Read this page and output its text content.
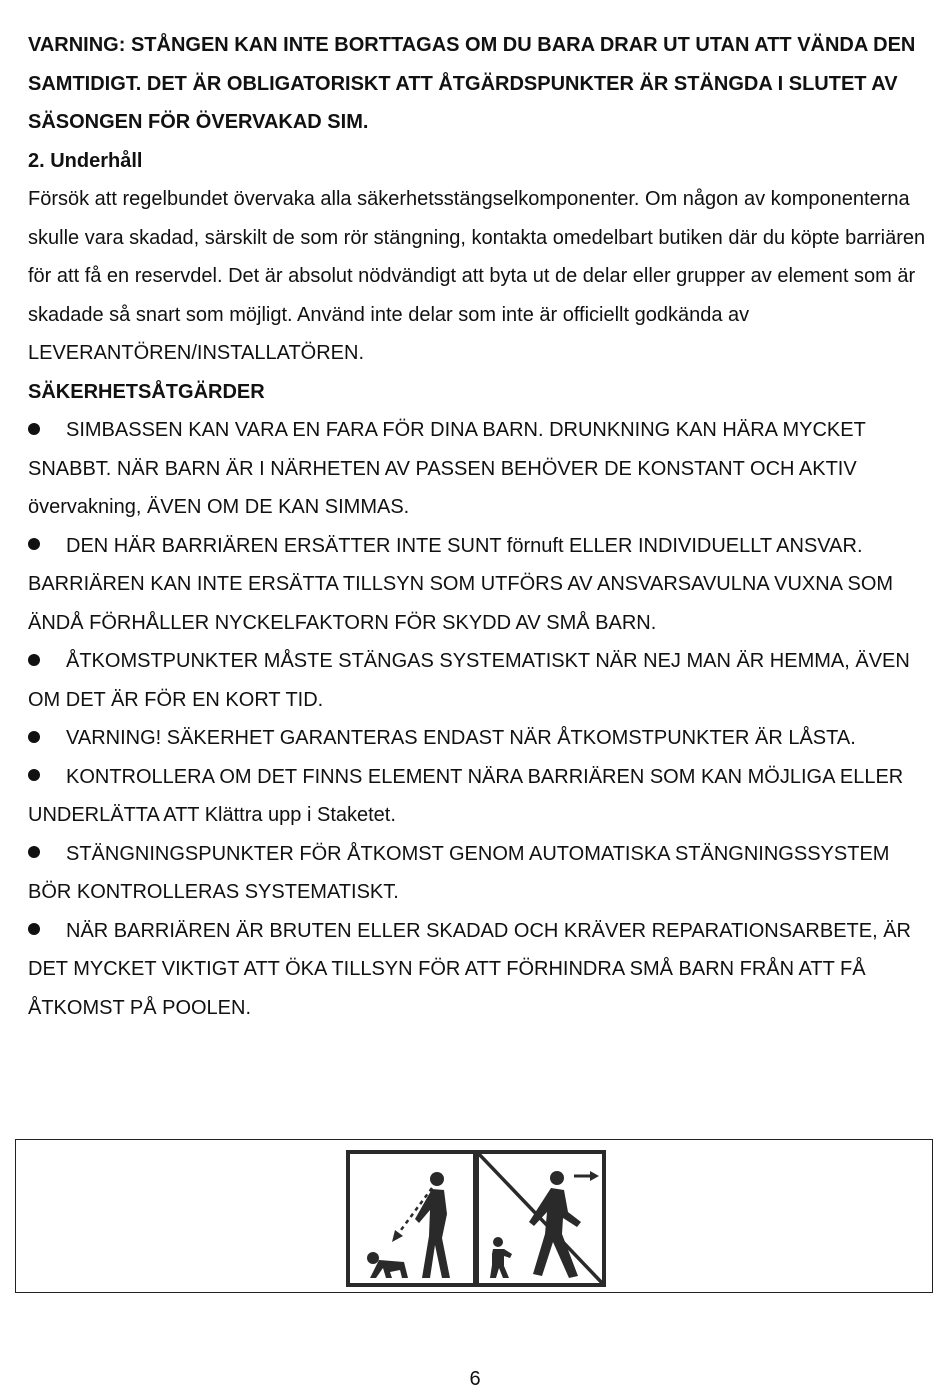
VARNING: STÅNGEN KAN INTE BORTTAGAS OM DU BARA DRAR UT UTAN ATT VÄNDA DEN SAMTIDIGT. DET ÄR OBLIGATORISKT ATT ÅTGÄRDSPUNKTER ÄR STÄNGDA I SLUTET AV SÄSONGEN FÖR ÖVERVAKAD SIM.

2. Underhåll

Försök att regelbundet övervaka alla säkerhetsstängselkomponenter. Om någon av komponenterna skulle vara skadad, särskilt de som rör stängning, kontakta omedelbart butiken där du köpte barriären för att få en reservdel. Det är absolut nödvändigt att byta ut de delar eller grupper av element som är skadade så snart som möjligt. Använd inte delar som inte är officiellt godkända av LEVERANTÖREN/INSTALLATÖREN.

SÄKERHETSÅTGÄRDER

SIMBASSEN KAN VARA EN FARA FÖR DINA BARN. DRUNKNING KAN HÄRA MYCKET SNABBT. NÄR BARN ÄR I NÄRHETEN AV PASSEN BEHÖVER DE KONSTANT OCH AKTIV övervakning, ÄVEN OM DE KAN SIMMAS.

DEN HÄR BARRIÄREN ERSÄTTER INTE SUNT förnuft ELLER INDIVIDUELLT ANSVAR. BARRIÄREN KAN INTE ERSÄTTA TILLSYN SOM UTFÖRS AV ANSVARSAVULNA VUXNA SOM ÄNDÅ FÖRHÅLLER NYCKELFAKTORN FÖR SKYDD AV SMÅ BARN.

ÅTKOMSTPUNKTER MÅSTE STÄNGAS SYSTEMATISKT NÄR NEJ MAN ÄR HEMMA, ÄVEN OM DET ÄR FÖR EN KORT TID.

VARNING! SÄKERHET GARANTERAS ENDAST NÄR ÅTKOMSTPUNKTER ÄR LÅSTA.

KONTROLLERA OM DET FINNS ELEMENT NÄRA BARRIÄREN SOM KAN MÖJLIGA ELLER UNDERLÄTTA ATT Klättra upp i Staketet.

STÄNGNINGSPUNKTER FÖR ÅTKOMST GENOM AUTOMATISKA STÄNGNINGSSYSTEM BÖR KONTROLLERAS SYSTEMATISKT.

NÄR BARRIÄREN ÄR BRUTEN ELLER SKADAD OCH KRÄVER REPARATIONSARBETE, ÄR DET MYCKET VIKTIGT ATT ÖKA TILLSYN FÖR ATT FÖRHINDRA SMÅ BARN FRÅN ATT FÅ ÅTKOMST PÅ POOLEN.

6
